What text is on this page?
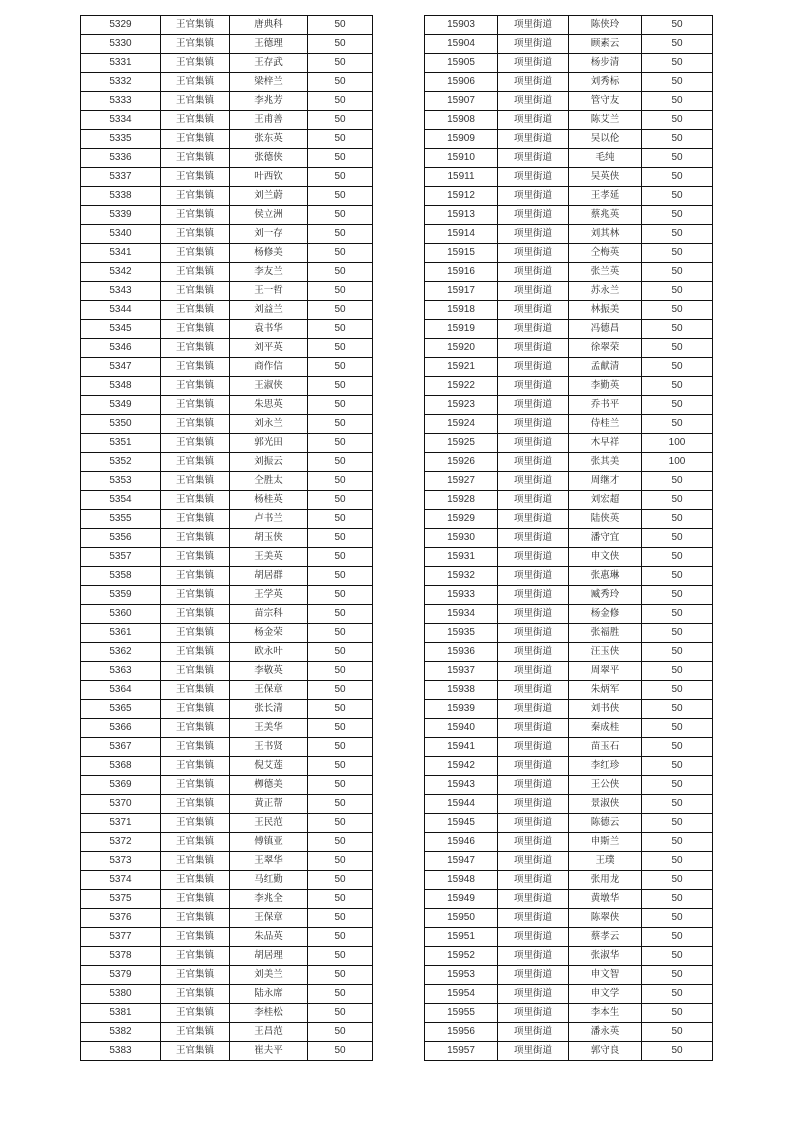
5329	王官集镇	唐典科	50
5330	王官集镇	王德理	50
5331	王官集镇	王存武	50
5332	王官集镇	梁梓兰	50
5333	王官集镇	李兆芳	50
5334	王官集镇	王甫善	50
5335	王官集镇	张东英	50
5336	王官集镇	张德侠	50
5337	王官集镇	叶西钦	50
5338	王官集镇	刘兰蔚	50
5339	王官集镇	侯立洲	50
5340	王官集镇	刘一存	50
5341	王官集镇	杨修美	50
5342	王官集镇	李友兰	50
5343	王官集镇	王一哲	50
5344	王官集镇	刘益兰	50
5345	王官集镇	袁书华	50
5346	王官集镇	刘平英	50
5347	王官集镇	商作信	50
5348	王官集镇	王淑侠	50
5349	王官集镇	朱思英	50
5350	王官集镇	刘永兰	50
5351	王官集镇	郭光田	50
5352	王官集镇	刘振云	50
5353	王官集镇	仝胜太	50
5354	王官集镇	杨桂英	50
5355	王官集镇	卢书兰	50
5356	王官集镇	胡玉侠	50
5357	王官集镇	王美英	50
5358	王官集镇	胡居群	50
5359	王官集镇	王学英	50
5360	王官集镇	苗宗科	50
5361	王官集镇	杨金荣	50
5362	王官集镇	欧永叶	50
5363	王官集镇	李敬英	50
5364	王官集镇	王保章	50
5365	王官集镇	张长清	50
5366	王官集镇	王美华	50
5367	王官集镇	王书贤	50
5368	王官集镇	倪艾莲	50
5369	王官集镇	栁德美	50
5370	王官集镇	黄正帮	50
5371	王官集镇	王民范	50
5372	王官集镇	傅镇亚	50
5373	王官集镇	王翠华	50
5374	王官集镇	马红勤	50
5375	王官集镇	李兆全	50
5376	王官集镇	王保章	50
5377	王官集镇	朱品英	50
5378	王官集镇	胡居理	50
5379	王官集镇	刘美兰	50
5380	王官集镇	陆永席	50
5381	王官集镇	李桂松	50
5382	王官集镇	王昌范	50
5383	王官集镇	崔夫平	50
15903	项里街道	陈侠玲	50
15904	项里街道	顾素云	50
15905	项里街道	杨步清	50
15906	项里街道	刘秀标	50
15907	项里街道	管守友	50
15908	项里街道	陈艾兰	50
15909	项里街道	吴以伦	50
15910	项里街道	毛纯	50
15911	项里街道	吴英侠	50
15912	项里街道	王孝延	50
15913	项里街道	蔡兆英	50
15914	项里街道	刘其林	50
15915	项里街道	仝梅英	50
15916	项里街道	张兰英	50
15917	项里街道	苏永兰	50
15918	项里街道	林振美	50
15919	项里街道	冯德昌	50
15920	项里街道	徐翠荣	50
15921	项里街道	孟献清	50
15922	项里街道	李勤英	50
15923	项里街道	乔书平	50
15924	项里街道	侍桂兰	50
15925	项里街道	木早祥	100
15926	项里街道	张其美	100
15927	项里街道	周继才	50
15928	项里街道	刘宏超	50
15929	项里街道	陆侠英	50
15930	项里街道	潘守宜	50
15931	项里街道	申文侠	50
15932	项里街道	张惠琳	50
15933	项里街道	臧秀玲	50
15934	项里街道	杨金修	50
15935	项里街道	张福胜	50
15936	项里街道	汪玉侠	50
15937	项里街道	周翠平	50
15938	项里街道	朱炳军	50
15939	项里街道	刘书侠	50
15940	项里街道	秦成桂	50
15941	项里街道	苗玉石	50
15942	项里街道	李红珍	50
15943	项里街道	王公侠	50
15944	项里街道	景淑侠	50
15945	项里街道	陈德云	50
15946	项里街道	申斯兰	50
15947	项里街道	王璞	50
15948	项里街道	张用龙	50
15949	项里街道	黄墩华	50
15950	项里街道	陈翠侠	50
15951	项里街道	蔡孝云	50
15952	项里街道	张淑华	50
15953	项里街道	申文智	50
15954	项里街道	申文学	50
15955	项里街道	李本生	50
15956	项里街道	潘永英	50
15957	项里街道	郭守良	50
